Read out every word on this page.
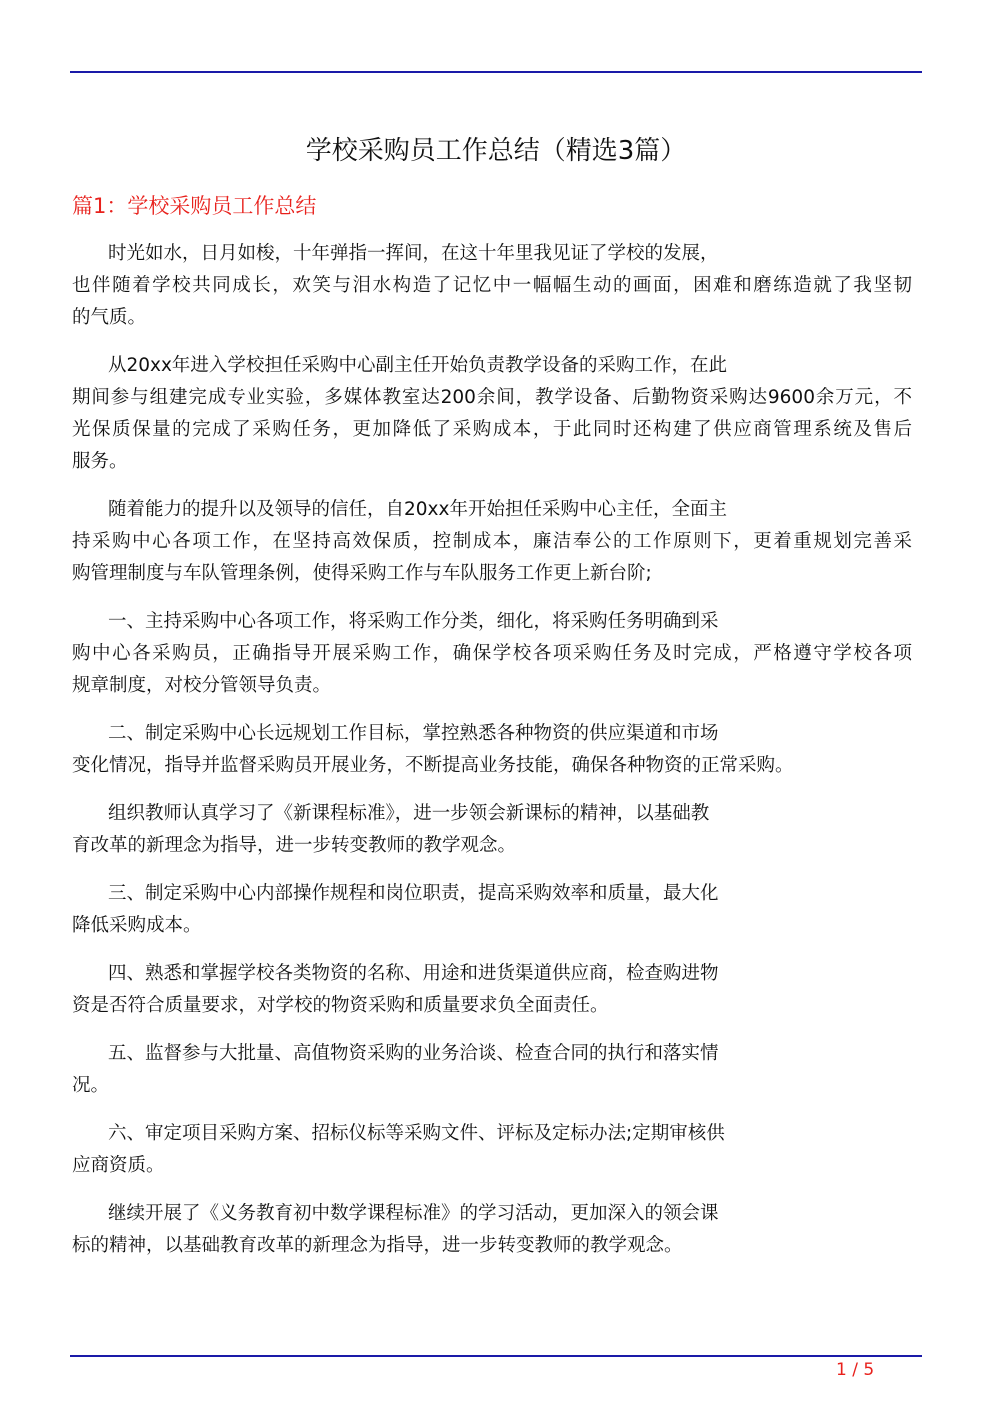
学校采购员工作总结（精选3篇）
篇1：学校采购员工作总结
时光如水，日月如梭，十年弹指一挥间，在这十年里我见证了学校的发展，
也伴随着学校共同成长，欢笑与泪水构造了记忆中一幅幅生动的画面，困难和磨练造就了我坚韧
的气质。
从20xx年进入学校担任采购中心副主任开始负责教学设备的采购工作，在此
期间参与组建完成专业实验，多媒体教室达200余间，教学设备、后勤物资采购达9600余万元，不
光保质保量的完成了采购任务，更加降低了采购成本，于此同时还构建了供应商管理系统及售后
服务。
随着能力的提升以及领导的信任，自20xx年开始担任采购中心主任，全面主
持采购中心各项工作，在坚持高效保质，控制成本，廉洁奉公的工作原则下，更着重规划完善采
购管理制度与车队管理条例，使得采购工作与车队服务工作更上新台阶;
一、主持采购中心各项工作，将采购工作分类，细化，将采购任务明确到采
购中心各采购员，正确指导开展采购工作，确保学校各项采购任务及时完成，严格遵守学校各项
规章制度，对校分管领导负责。
二、制定采购中心长远规划工作目标，掌控熟悉各种物资的供应渠道和市场
变化情况，指导并监督采购员开展业务，不断提高业务技能，确保各种物资的正常采购。
组织教师认真学习了《新课程标准》，进一步领会新课标的精神，以基础教
育改革的新理念为指导，进一步转变教师的教学观念。
三、制定采购中心内部操作规程和岗位职责，提高采购效率和质量，最大化
降低采购成本。
四、熟悉和掌握学校各类物资的名称、用途和进货渠道供应商，检查购进物
资是否符合质量要求，对学校的物资采购和质量要求负全面责任。
五、监督参与大批量、高值物资采购的业务洽谈、检查合同的执行和落实情
况。
六、审定项目采购方案、招标仪标等采购文件、评标及定标办法;定期审核供
应商资质。
继续开展了《义务教育初中数学课程标准》的学习活动，更加深入的领会课
标的精神，以基础教育改革的新理念为指导，进一步转变教师的教学观念。
1 / 5
